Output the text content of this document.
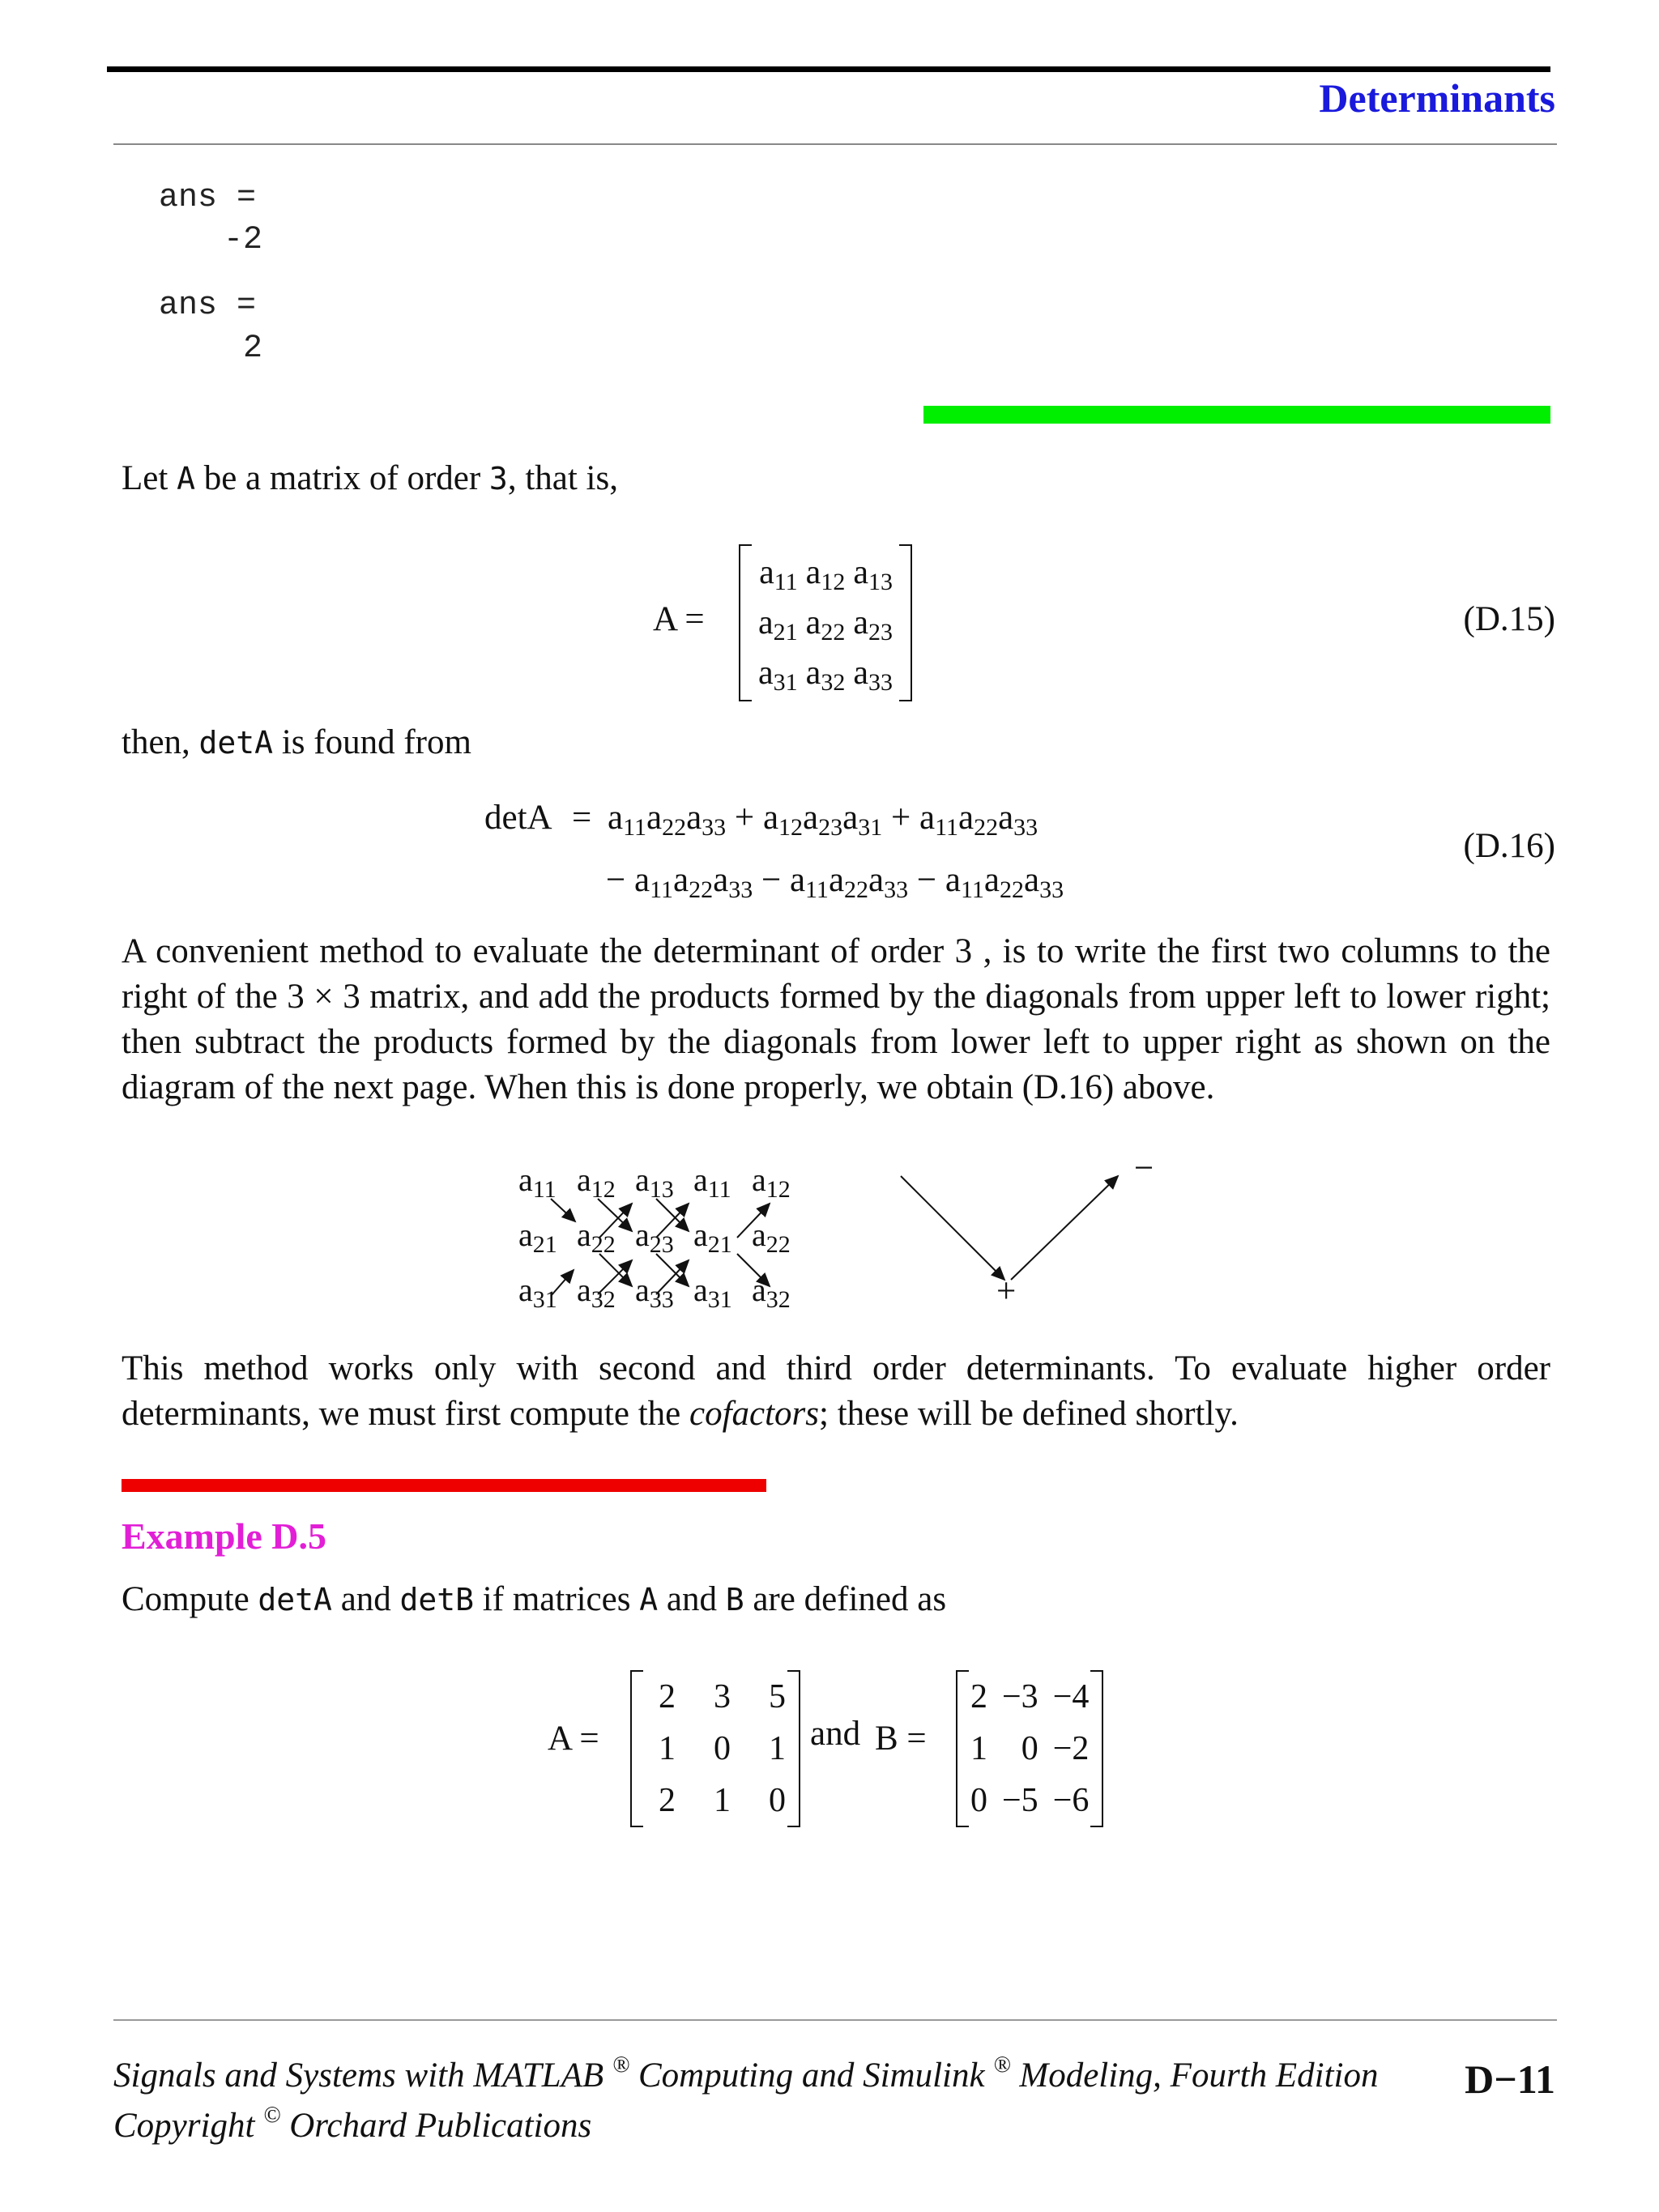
Determinants
ans =
-2
ans =
2
Let A be a matrix of order 3, that is,
A =
$a_{11}$ $a_{12}$ $a_{13}$
$a_{21}$ $a_{22}$ $a_{23}$
$a_{31}$ $a_{32}$ $a_{33}$
(D.15)
then, detA is found from
$\det A = a_{11}a_{22}a_{33} + a_{12}a_{23}a_{31} + a_{11}a_{22}a_{33}$
− $a_{11}a_{22}a_{33} - a_{11}a_{22}a_{33} - a_{11}a_{22}a_{33}$
(D.16)
A convenient method to evaluate the determinant of order 3 , is to write the first two columns to the right of the 3 × 3 matrix, and add the products formed by the diagonals from upper left to lower right; then subtract the products formed by the diagonals from lower left to upper right as shown on the diagram of the next page. When this is done properly, we obtain (D.16) above.
$a_{11}$ $a_{12}$ $a_{13}$ $a_{11}$ $a_{12}$
$a_{21}$ $a_{22}$ $a_{23}$ $a_{21}$ $a_{22}$
$a_{31}$ $a_{32}$ $a_{33}$ $a_{31}$ $a_{32}$
−
+
This method works only with second and third order determinants. To evaluate higher order determinants, we must first compute the cofactors; these will be defined shortly.
Example D.5
Compute detA and detB if matrices A and B are defined as
A =
2	3	5
1	0	1
2	1	0
and B =
2 −3 −4
1 0 −2
0 −5 −6
Signals and Systems with MATLAB ® Computing and Simulink ® Modeling, Fourth Edition
Copyright © Orchard Publications
D−11
